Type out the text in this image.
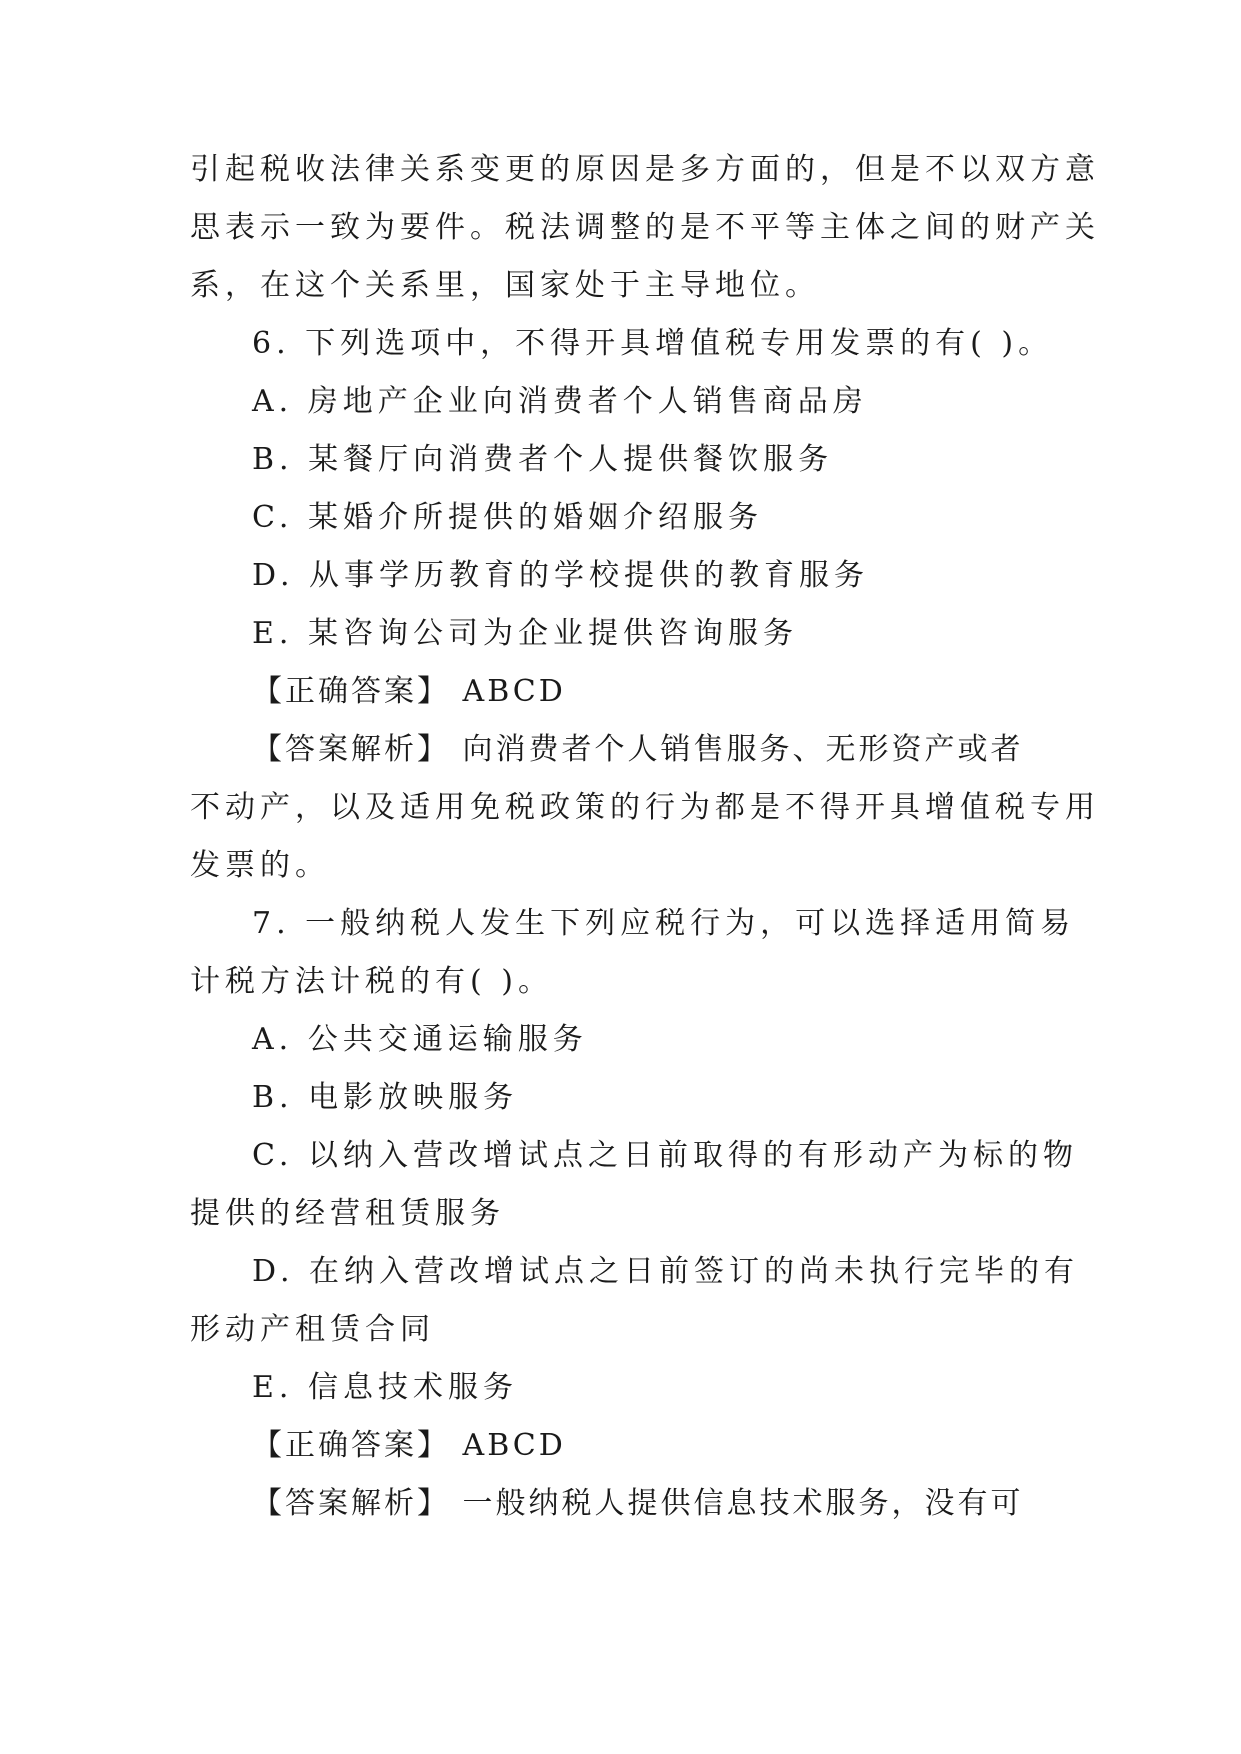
引起税收法律关系变更的原因是多方面的，但是不以双方意
思表示一致为要件。税法调整的是不平等主体之间的财产关
系，在这个关系里，国家处于主导地位。
6. 下列选项中，不得开具增值税专用发票的有( )。
A. 房地产企业向消费者个人销售商品房
B. 某餐厅向消费者个人提供餐饮服务
C. 某婚介所提供的婚姻介绍服务
D. 从事学历教育的学校提供的教育服务
E. 某咨询公司为企业提供咨询服务
【正确答案】 ABCD
【答案解析】 向消费者个人销售服务、无形资产或者
不动产，以及适用免税政策的行为都是不得开具增值税专用
发票的。
7. 一般纳税人发生下列应税行为，可以选择适用简易
计税方法计税的有( )。
A. 公共交通运输服务
B. 电影放映服务
C. 以纳入营改增试点之日前取得的有形动产为标的物
提供的经营租赁服务
D. 在纳入营改增试点之日前签订的尚未执行完毕的有
形动产租赁合同
E. 信息技术服务
【正确答案】 ABCD
【答案解析】 一般纳税人提供信息技术服务，没有可
